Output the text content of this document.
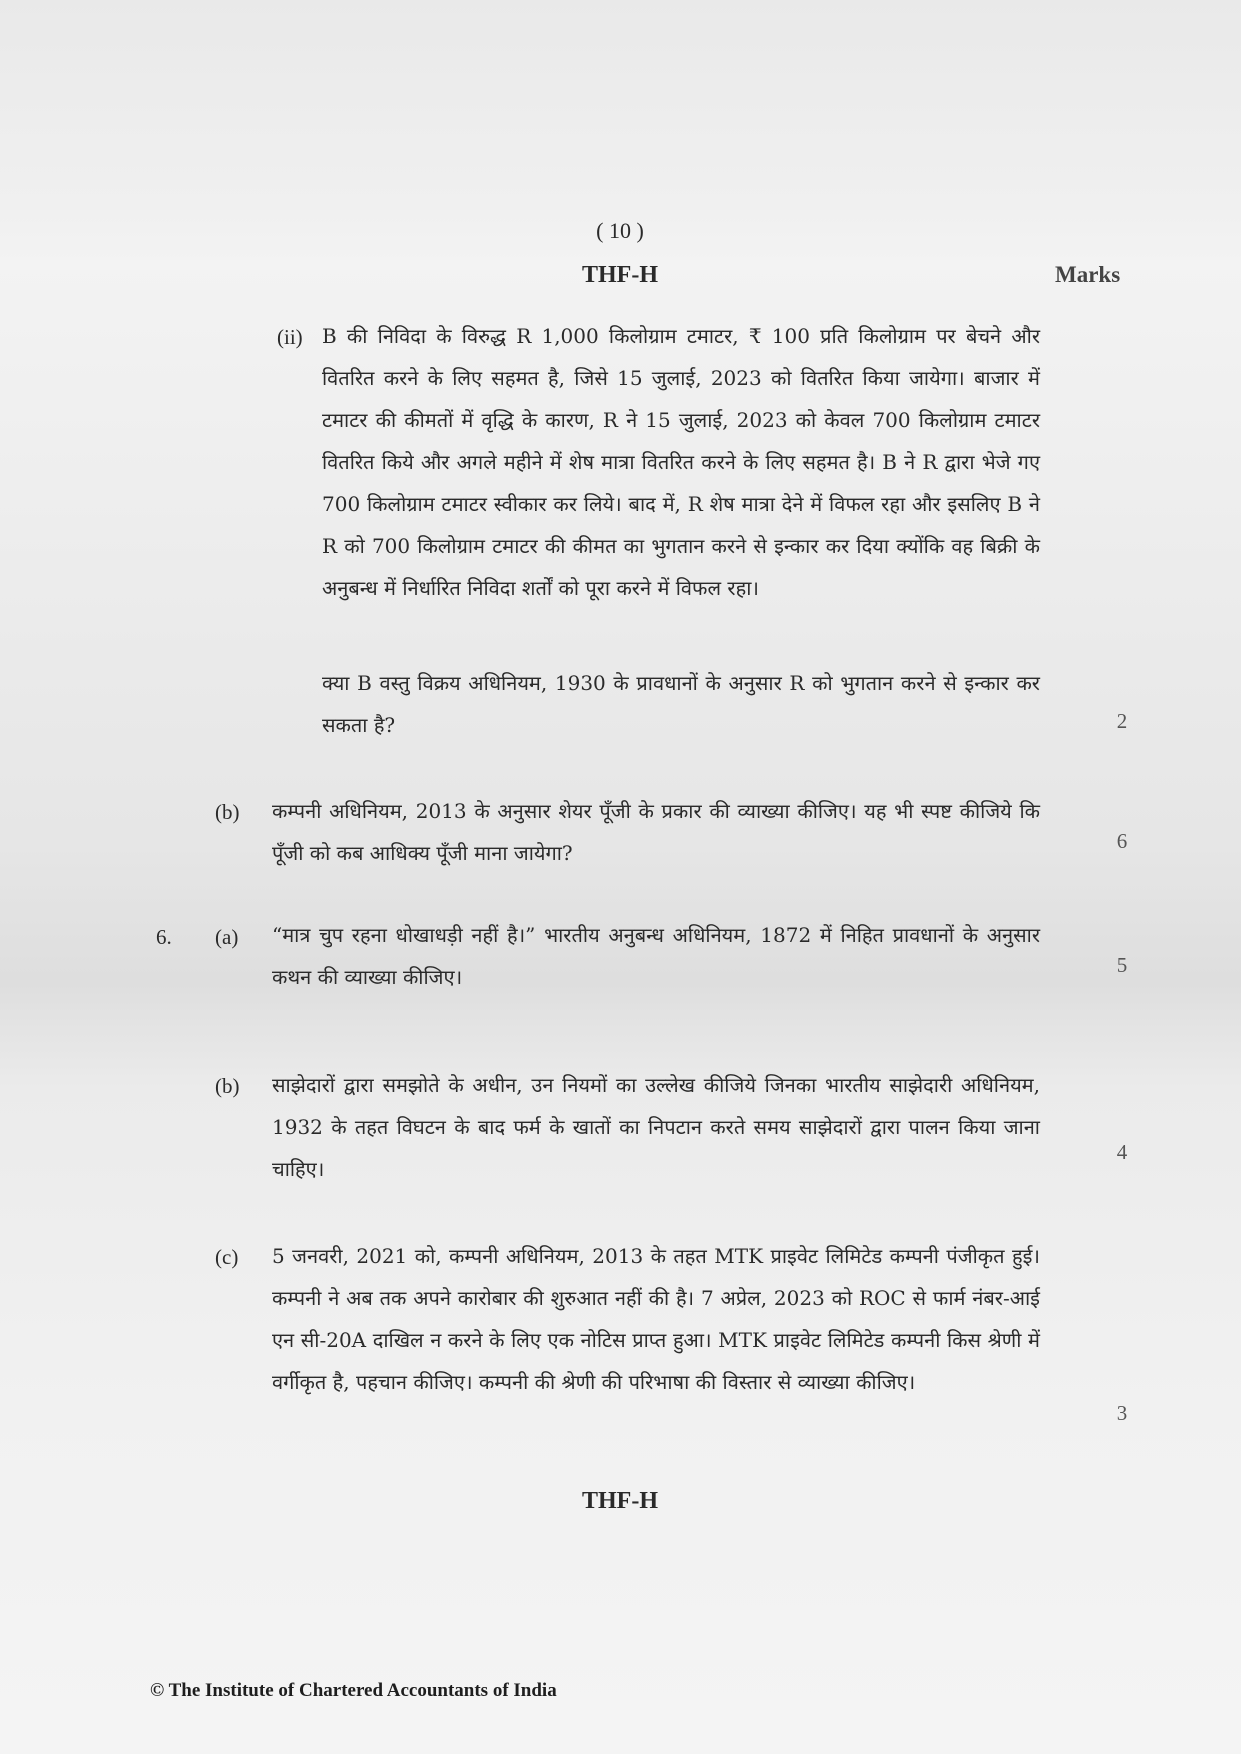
( 10 )
THF-H	Marks
(ii) B की निविदा के विरुद्ध R 1,000 किलोग्राम टमाटर, ₹ 100 प्रति किलोग्राम पर बेचने और वितरित करने के लिए सहमत है, जिसे 15 जुलाई, 2023 को वितरित किया जायेगा। बाजार में टमाटर की कीमतों में वृद्धि के कारण, R ने 15 जुलाई, 2023 को केवल 700 किलोग्राम टमाटर वितरित किये और अगले महीने में शेष मात्रा वितरित करने के लिए सहमत है। B ने R द्वारा भेजे गए 700 किलोग्राम टमाटर स्वीकार कर लिये। बाद में, R शेष मात्रा देने में विफल रहा और इसलिए B ने R को 700 किलोग्राम टमाटर की कीमत का भुगतान करने से इन्कार कर दिया क्योंकि वह बिक्री के अनुबन्ध में निर्धारित निविदा शर्तों को पूरा करने में विफल रहा।
क्या B वस्तु विक्रय अधिनियम, 1930 के प्रावधानों के अनुसार R को भुगतान करने से इन्कार कर सकता है?	2
(b) कम्पनी अधिनियम, 2013 के अनुसार शेयर पूँजी के प्रकार की व्याख्या कीजिए। यह भी स्पष्ट कीजिये कि पूँजी को कब आधिक्य पूँजी माना जायेगा?	6
6. (a) “मात्र चुप रहना धोखाधड़ी नहीं है।” भारतीय अनुबन्ध अधिनियम, 1872 में निहित प्रावधानों के अनुसार कथन की व्याख्या कीजिए।	5
(b) साझेदारों द्वारा समझोते के अधीन, उन नियमों का उल्लेख कीजिये जिनका भारतीय साझेदारी अधिनियम, 1932 के तहत विघटन के बाद फर्म के खातों का निपटान करते समय साझेदारों द्वारा पालन किया जाना चाहिए।
4
(c) 5 जनवरी, 2021 को, कम्पनी अधिनियम, 2013 के तहत MTK प्राइवेट लिमिटेड कम्पनी पंजीकृत हुई। कम्पनी ने अब तक अपने कारोबार की शुरुआत नहीं की है। 7 अप्रेल, 2023 को ROC से फार्म नंबर-आई एन सी-20A दाखिल न करने के लिए एक नोटिस प्राप्त हुआ। MTK प्राइवेट लिमिटेड कम्पनी किस श्रेणी में वर्गीकृत है, पहचान कीजिए। कम्पनी की श्रेणी की परिभाषा की विस्तार से व्याख्या कीजिए।
3
THF-H
© The Institute of Chartered Accountants of India
